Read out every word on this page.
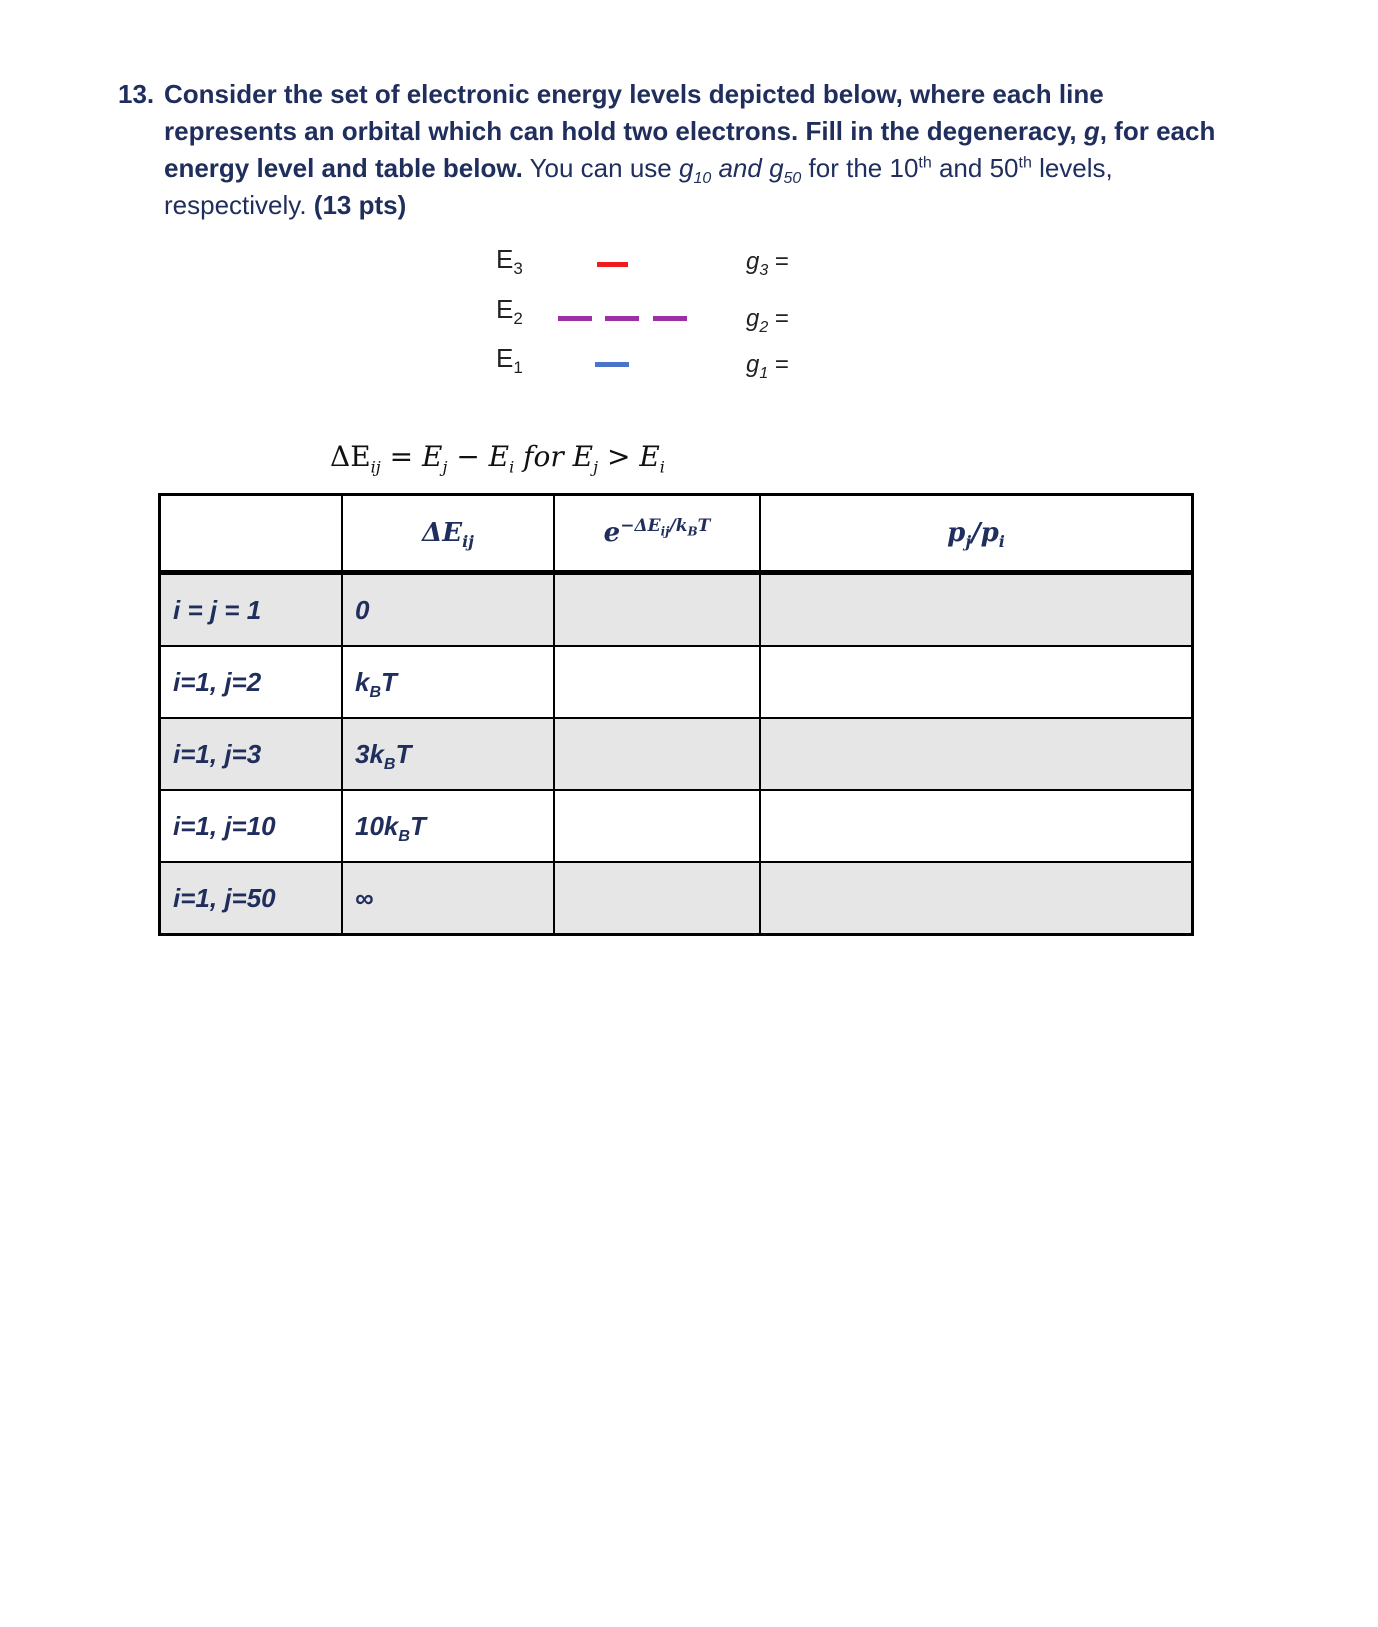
13. Consider the set of electronic energy levels depicted below, where each line
represents an orbital which can hold two electrons. Fill in the degeneracy, g, for each
energy level and table below. You can use $g_{10}$ and $g_{50}$ for the 10th and 50th levels,
respectively. (13 pts)
$E_3$	$g_3$ =
$E_2$	$g_2$ =
$E_1$	$g_1$ =
$\Delta E_{ij} = E_j - E_i$ for $E_j > E_i$
	$\Delta E_{ij}$	$e^{-\Delta E_{ij}/k_BT}$	$p_j/p_i$
i = j = 1	0		
i=1, j=2	$k_BT$		
i=1, j=3	$3k_BT$		
i=1, j=10	$10k_BT$		
i=1, j=50	∞		
